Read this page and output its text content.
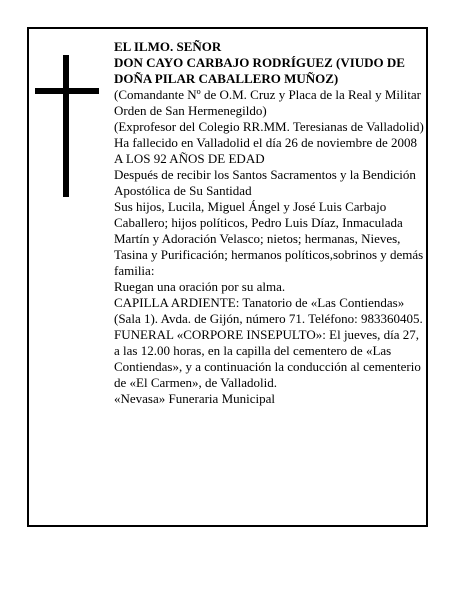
EL ILMO. SEÑOR

DON CAYO CARBAJO RODRÍGUEZ (VIUDO DE DOÑA PILAR CABALLERO MUÑOZ)

(Comandante Nº de O.M. Cruz y Placa de la Real y Militar Orden de San Hermenegildo)

(Exprofesor del Colegio RR.MM. Teresianas de Valladolid)

Ha fallecido en Valladolid el día 26 de noviembre de 2008

A LOS 92 AÑOS DE EDAD

Después de recibir los Santos Sacramentos y la Bendición Apostólica de Su Santidad

Sus hijos, Lucila, Miguel Ángel y José Luis Carbajo Caballero; hijos políticos, Pedro Luis Díaz, Inmaculada Martín y Adoración Velasco; nietos; hermanas, Nieves, Tasina y Purificación; hermanos políticos,sobrinos y demás familia:

Ruegan una oración por su alma.

CAPILLA ARDIENTE: Tanatorio de «Las Contiendas» (Sala 1). Avda. de Gijón, número 71. Teléfono: 983360405.

FUNERAL «CORPORE INSEPULTO»: El jueves, día 27, a las 12.00 horas, en la capilla del cementero de «Las Contiendas», y a continuación la conducción al cementerio de «El Carmen», de Valladolid.

«Nevasa» Funeraria Municipal
